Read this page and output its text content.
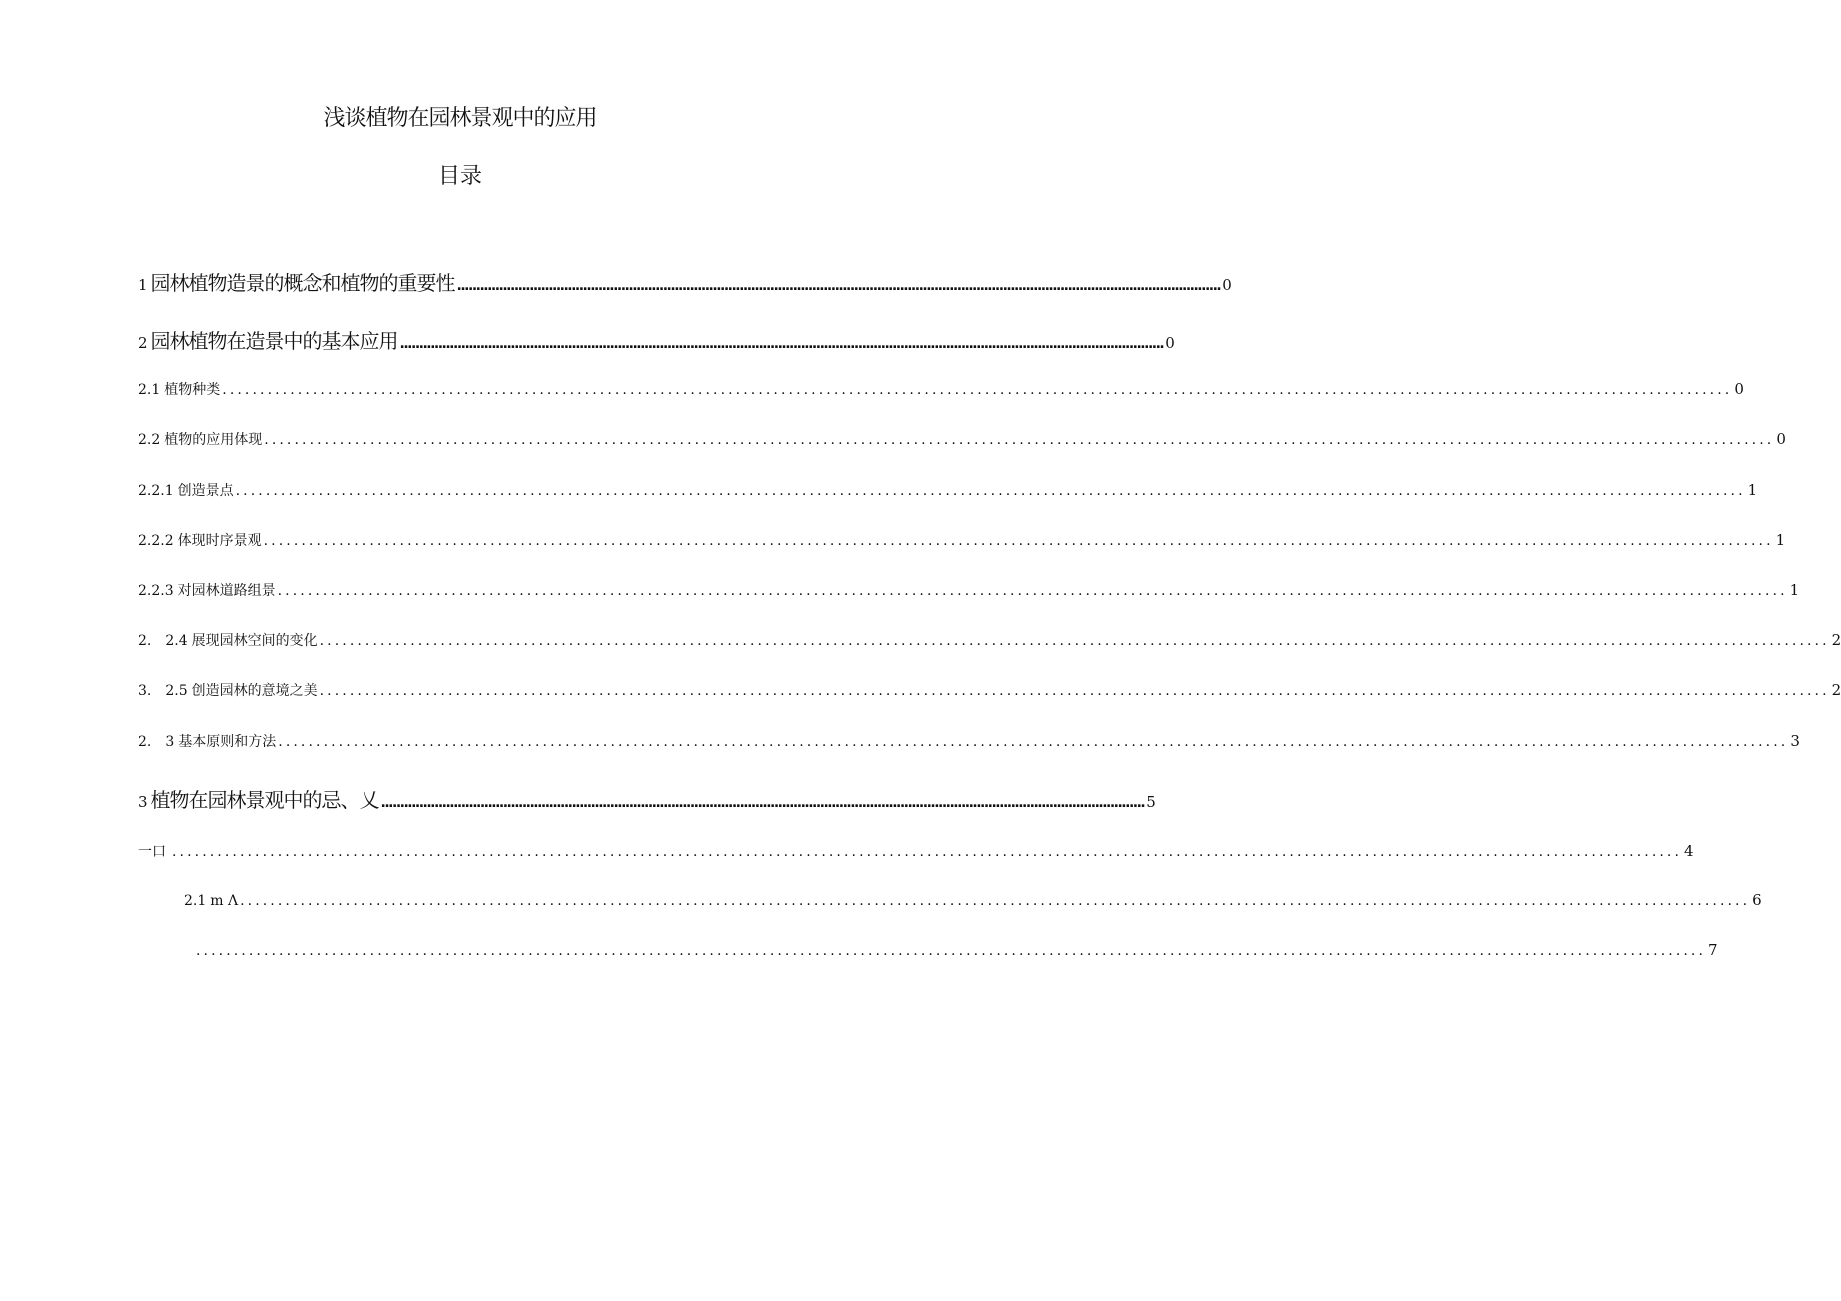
浅谈植物在园林景观中的应用
目录
1 园林植物造景的概念和植物的重要性 ........................................................................................................................................................................................................ 0
2 园林植物在造景中的基本应用 ........................................................................................................................................................................................................ 0
2.1 植物种类 ........................................................................................................................................................................................................ 0
2.2 植物的应用体现 ........................................................................................................................................................................................................ 0
2.2.1 创造景点 ........................................................................................................................................................................................................ 1
2.2.2 体现时序景观 ........................................................................................................................................................................................................ 1
2.2.3 对园林道路组景 ........................................................................................................................................................................................................ 1
2.　2.4 展现园林空间的变化 ........................................................................................................................................................................................................ 2
3.　2.5 创造园林的意境之美 ........................................................................................................................................................................................................ 2
2.　3 基本原则和方法 ........................................................................................................................................................................................................ 3
3 植物在园林景观中的忌、乂 ........................................................................................................................................................................................................ 5
一口 ........................................................................................................................................................................................................ 4
2.1 m Λ ........................................................................................................................................................................................................ 6
........................................................................................................................................................................................................ 7
